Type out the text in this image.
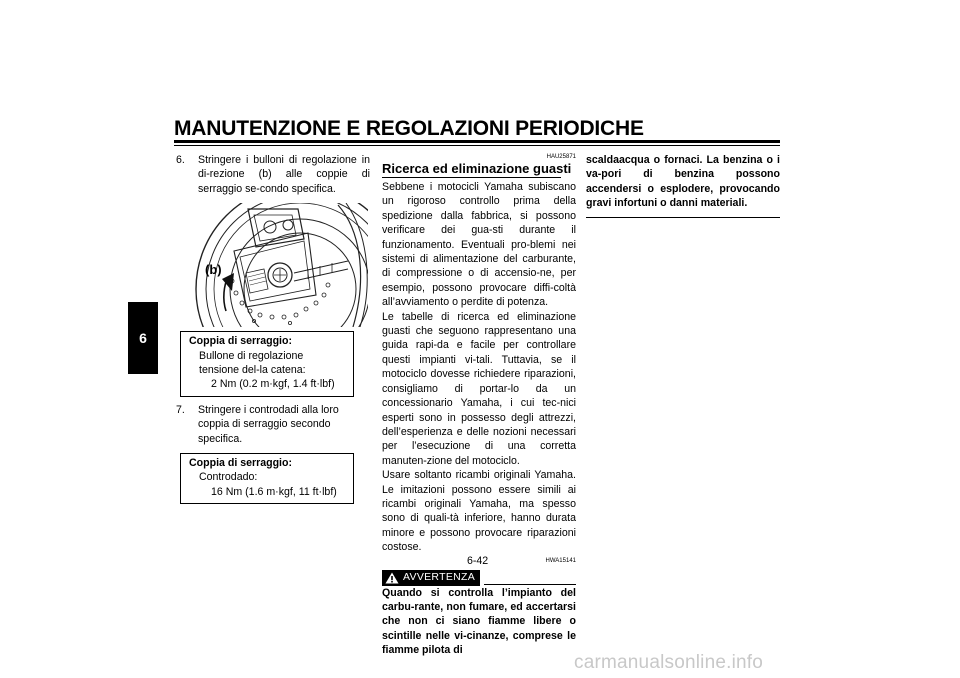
MANUTENZIONE E REGOLAZIONI PERIODICHE
6
6.	Stringere i bulloni di regolazione in di-rezione (b) alle coppie di serraggio se-condo specifica.
(b)
Coppia di serraggio:
Bullone di regolazione tensione del-la catena:
2 Nm (0.2 m·kgf, 1.4 ft·lbf)
7.	Stringere i controdadi alla loro coppia di serraggio secondo specifica.
Coppia di serraggio:
Controdado:
16 Nm (1.6 m·kgf, 11 ft·lbf)
HAU25871
Ricerca ed eliminazione guasti

Sebbene i motocicli Yamaha subiscano un rigoroso controllo prima della spedizione dalla fabbrica, si possono verificare dei gua-sti durante il funzionamento. Eventuali pro-blemi nei sistemi di alimentazione del carburante, di compressione o di accensio-ne, per esempio, possono provocare diffi-coltà all’avviamento o perdite di potenza.

Le tabelle di ricerca ed eliminazione guasti che seguono rappresentano una guida rapi-da e facile per controllare questi impianti vi-tali. Tuttavia, se il motociclo dovesse richiedere riparazioni, consigliamo di portar-lo da un concessionario Yamaha, i cui tec-nici esperti sono in possesso degli attrezzi, dell’esperienza e delle nozioni necessari per l’esecuzione di una corretta manuten-zione del motociclo.

Usare soltanto ricambi originali Yamaha. Le imitazioni possono essere simili ai ricambi originali Yamaha, ma spesso sono di quali-tà inferiore, hanno durata minore e possono provocare riparazioni costose.

HWA15141
AVVERTENZA

Quando si controlla l’impianto del carbu-rante, non fumare, ed accertarsi che non ci siano fiamme libere o scintille nelle vi-cinanze, comprese le fiamme pilota di

scaldaacqua o fornaci. La benzina o i va-pori di benzina possono accendersi o esplodere, provocando gravi infortuni o danni materiali.

6-42
carmanualsonline.info
